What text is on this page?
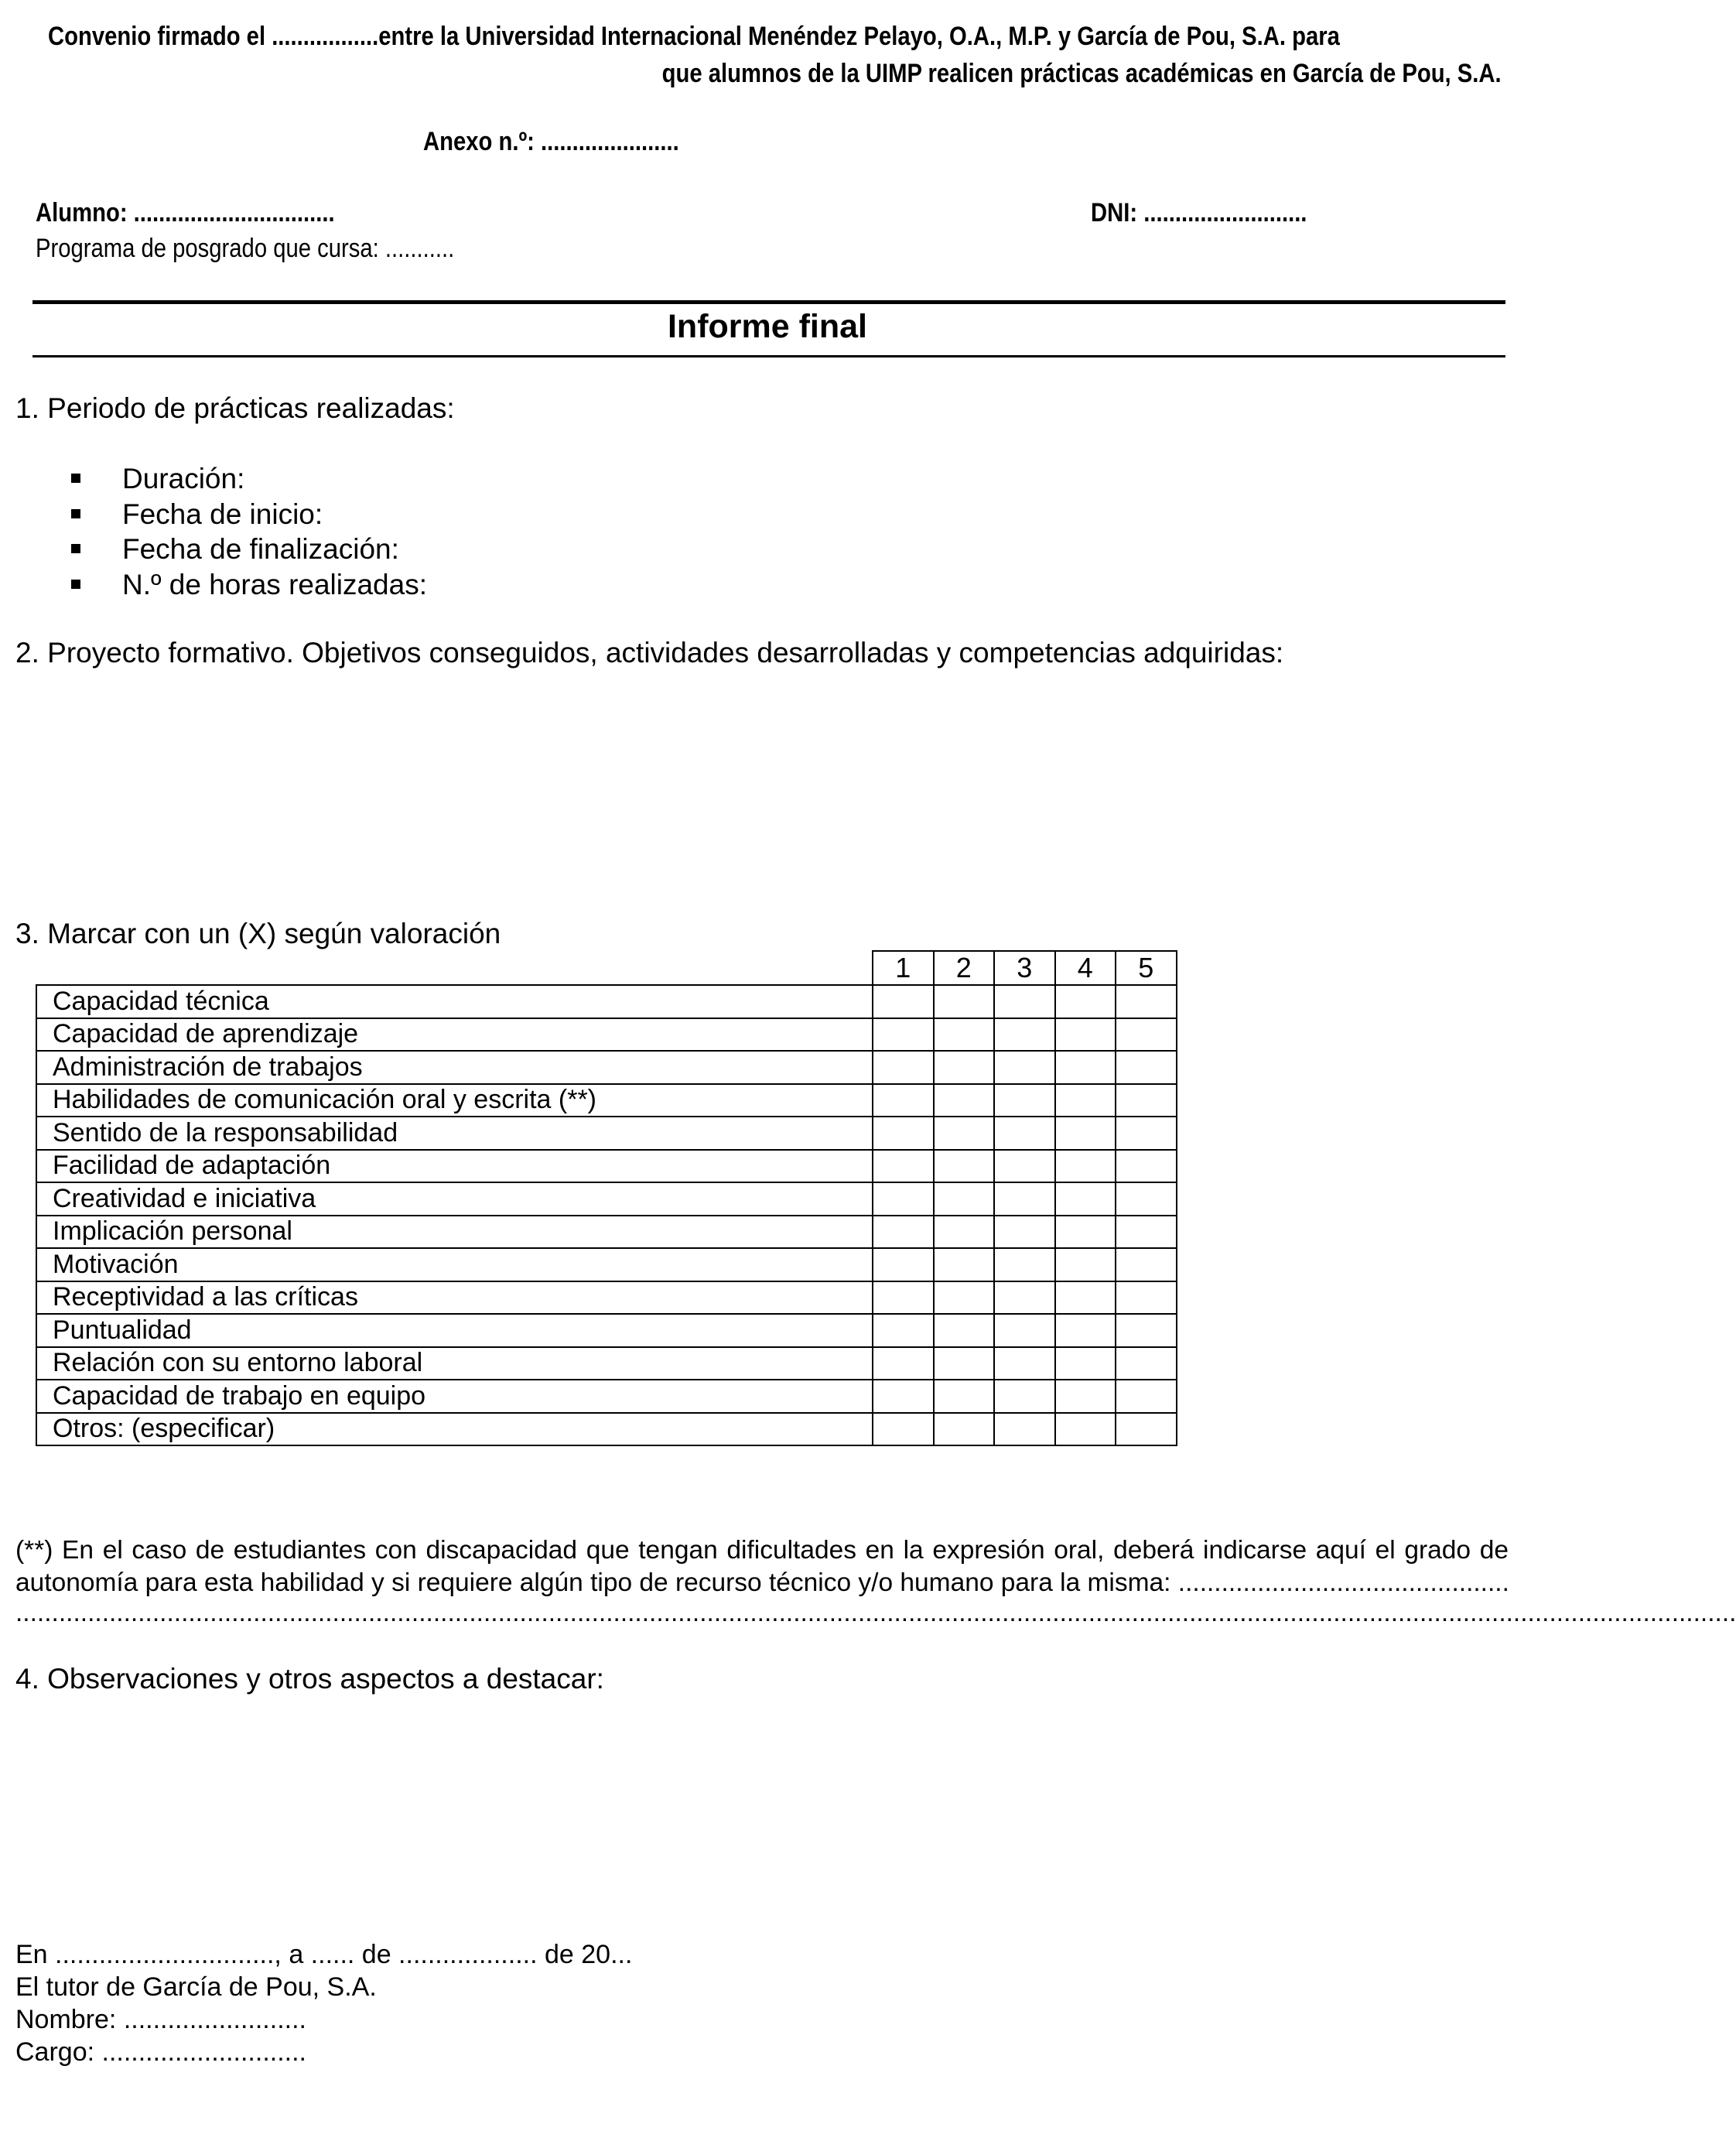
Convenio firmado el .................entre la Universidad Internacional Menéndez Pelayo, O.A., M.P. y García de Pou, S.A. para
que alumnos de la UIMP realicen prácticas académicas en García de Pou, S.A.
Anexo n.º: ......................
Alumno: ................................	DNI: ..........................
Programa de posgrado que cursa: ...........
Informe final
1. Periodo de prácticas realizadas:
Duración:
Fecha de inicio:
Fecha de finalización:
N.º de horas realizadas:
2. Proyecto formativo. Objetivos conseguidos, actividades desarrolladas y competencias adquiridas:
3. Marcar con un (X) según valoración
	1	2	3	4	5
Capacidad técnica					
Capacidad de aprendizaje					
Administración de trabajos					
Habilidades de comunicación oral y escrita (**)					
Sentido de la responsabilidad					
Facilidad de adaptación					
Creatividad e iniciativa					
Implicación personal					
Motivación					
Receptividad a las críticas					
Puntualidad					
Relación con su entorno laboral					
Capacidad de trabajo en equipo					
Otros: (especificar)					
(**) En el caso de estudiantes con discapacidad que tengan dificultades en la expresión oral, deberá indicarse aquí el grado de
autonomía para esta habilidad y si requiere algún tipo de recurso técnico y/o humano para la misma: ..............................................
...............................................................................................................................................................................................................................................
4. Observaciones y otros aspectos a destacar:
En .............................., a ...... de ................... de 20...
El tutor de García de Pou, S.A.
Nombre: .........................
Cargo: ............................
